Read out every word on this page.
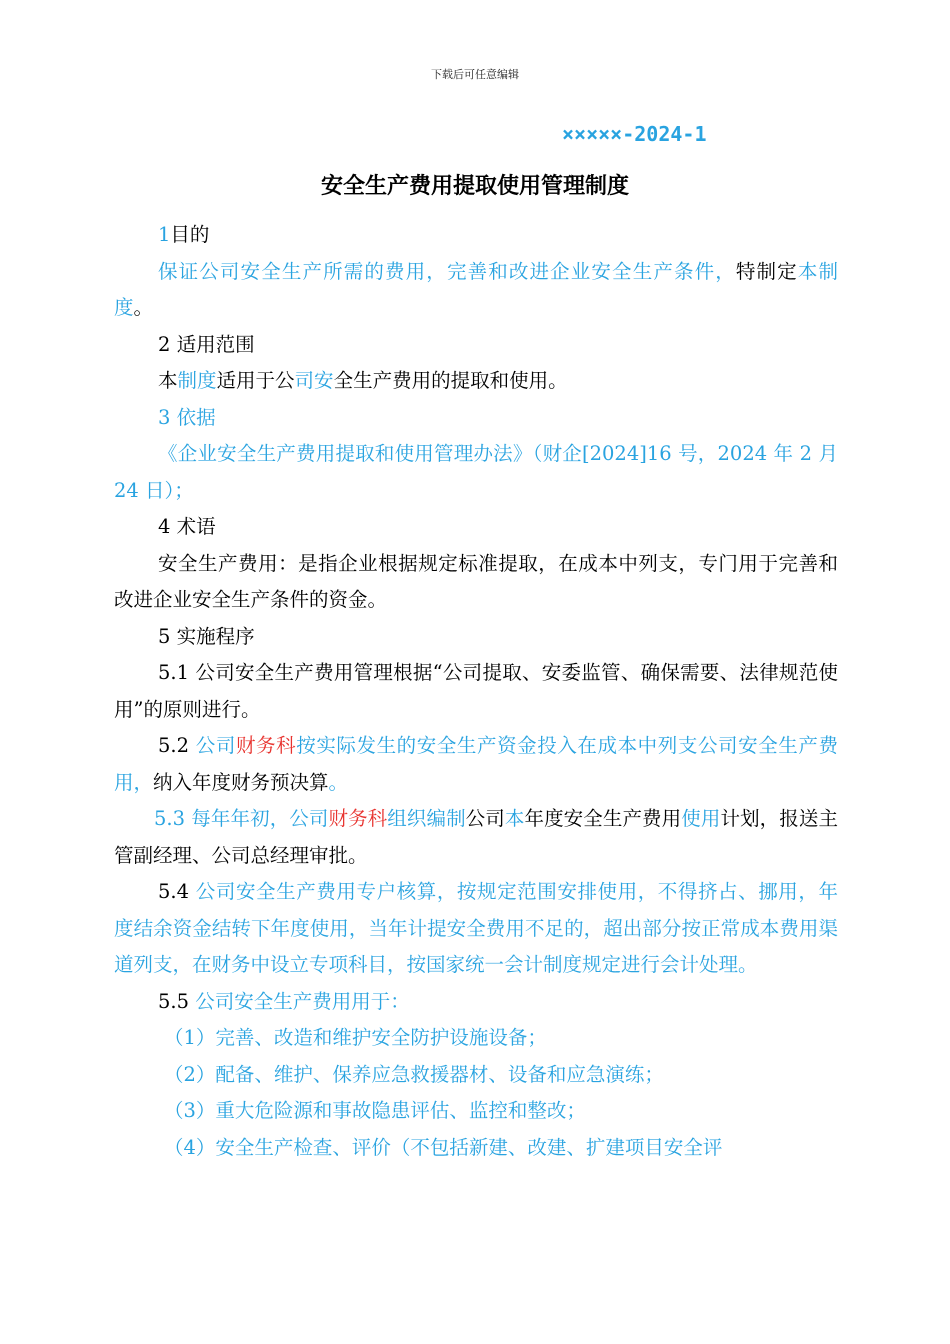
下载后可任意编辑
×××××-2024-1
安全生产费用提取使用管理制度

1目的

保证公司安全生产所需的费用，完善和改进企业安全生产条件，特制定本制度。

2 适用范围

本制度适用于公司安全生产费用的提取和使用。

3 依据

《企业安全生产费用提取和使用管理办法》（财企[2024]16 号，2024 年 2 月 24 日）；

4 术语

安全生产费用：是指企业根据规定标准提取，在成本中列支，专门用于完善和改进企业安全生产条件的资金。

5 实施程序

5.1 公司安全生产费用管理根据“公司提取、安委监管、确保需要、法律规范使用”的原则进行。

5.2 公司财务科按实际发生的安全生产资金投入在成本中列支公司安全生产费用，纳入年度财务预决算。

5.3 每年年初，公司财务科组织编制公司本年度安全生产费用使用计划，报送主管副经理、公司总经理审批。

5.4 公司安全生产费用专户核算，按规定范围安排使用，不得挤占、挪用，年度结余资金结转下年度使用，当年计提安全费用不足的，超出部分按正常成本费用渠道列支，在财务中设立专项科目，按国家统一会计制度规定进行会计处理。

5.5 公司安全生产费用用于：

（1）完善、改造和维护安全防护设施设备；

（2）配备、维护、保养应急救援器材、设备和应急演练；

（3）重大危险源和事故隐患评估、监控和整改；

（4）安全生产检查、评价（不包括新建、改建、扩建项目安全评
